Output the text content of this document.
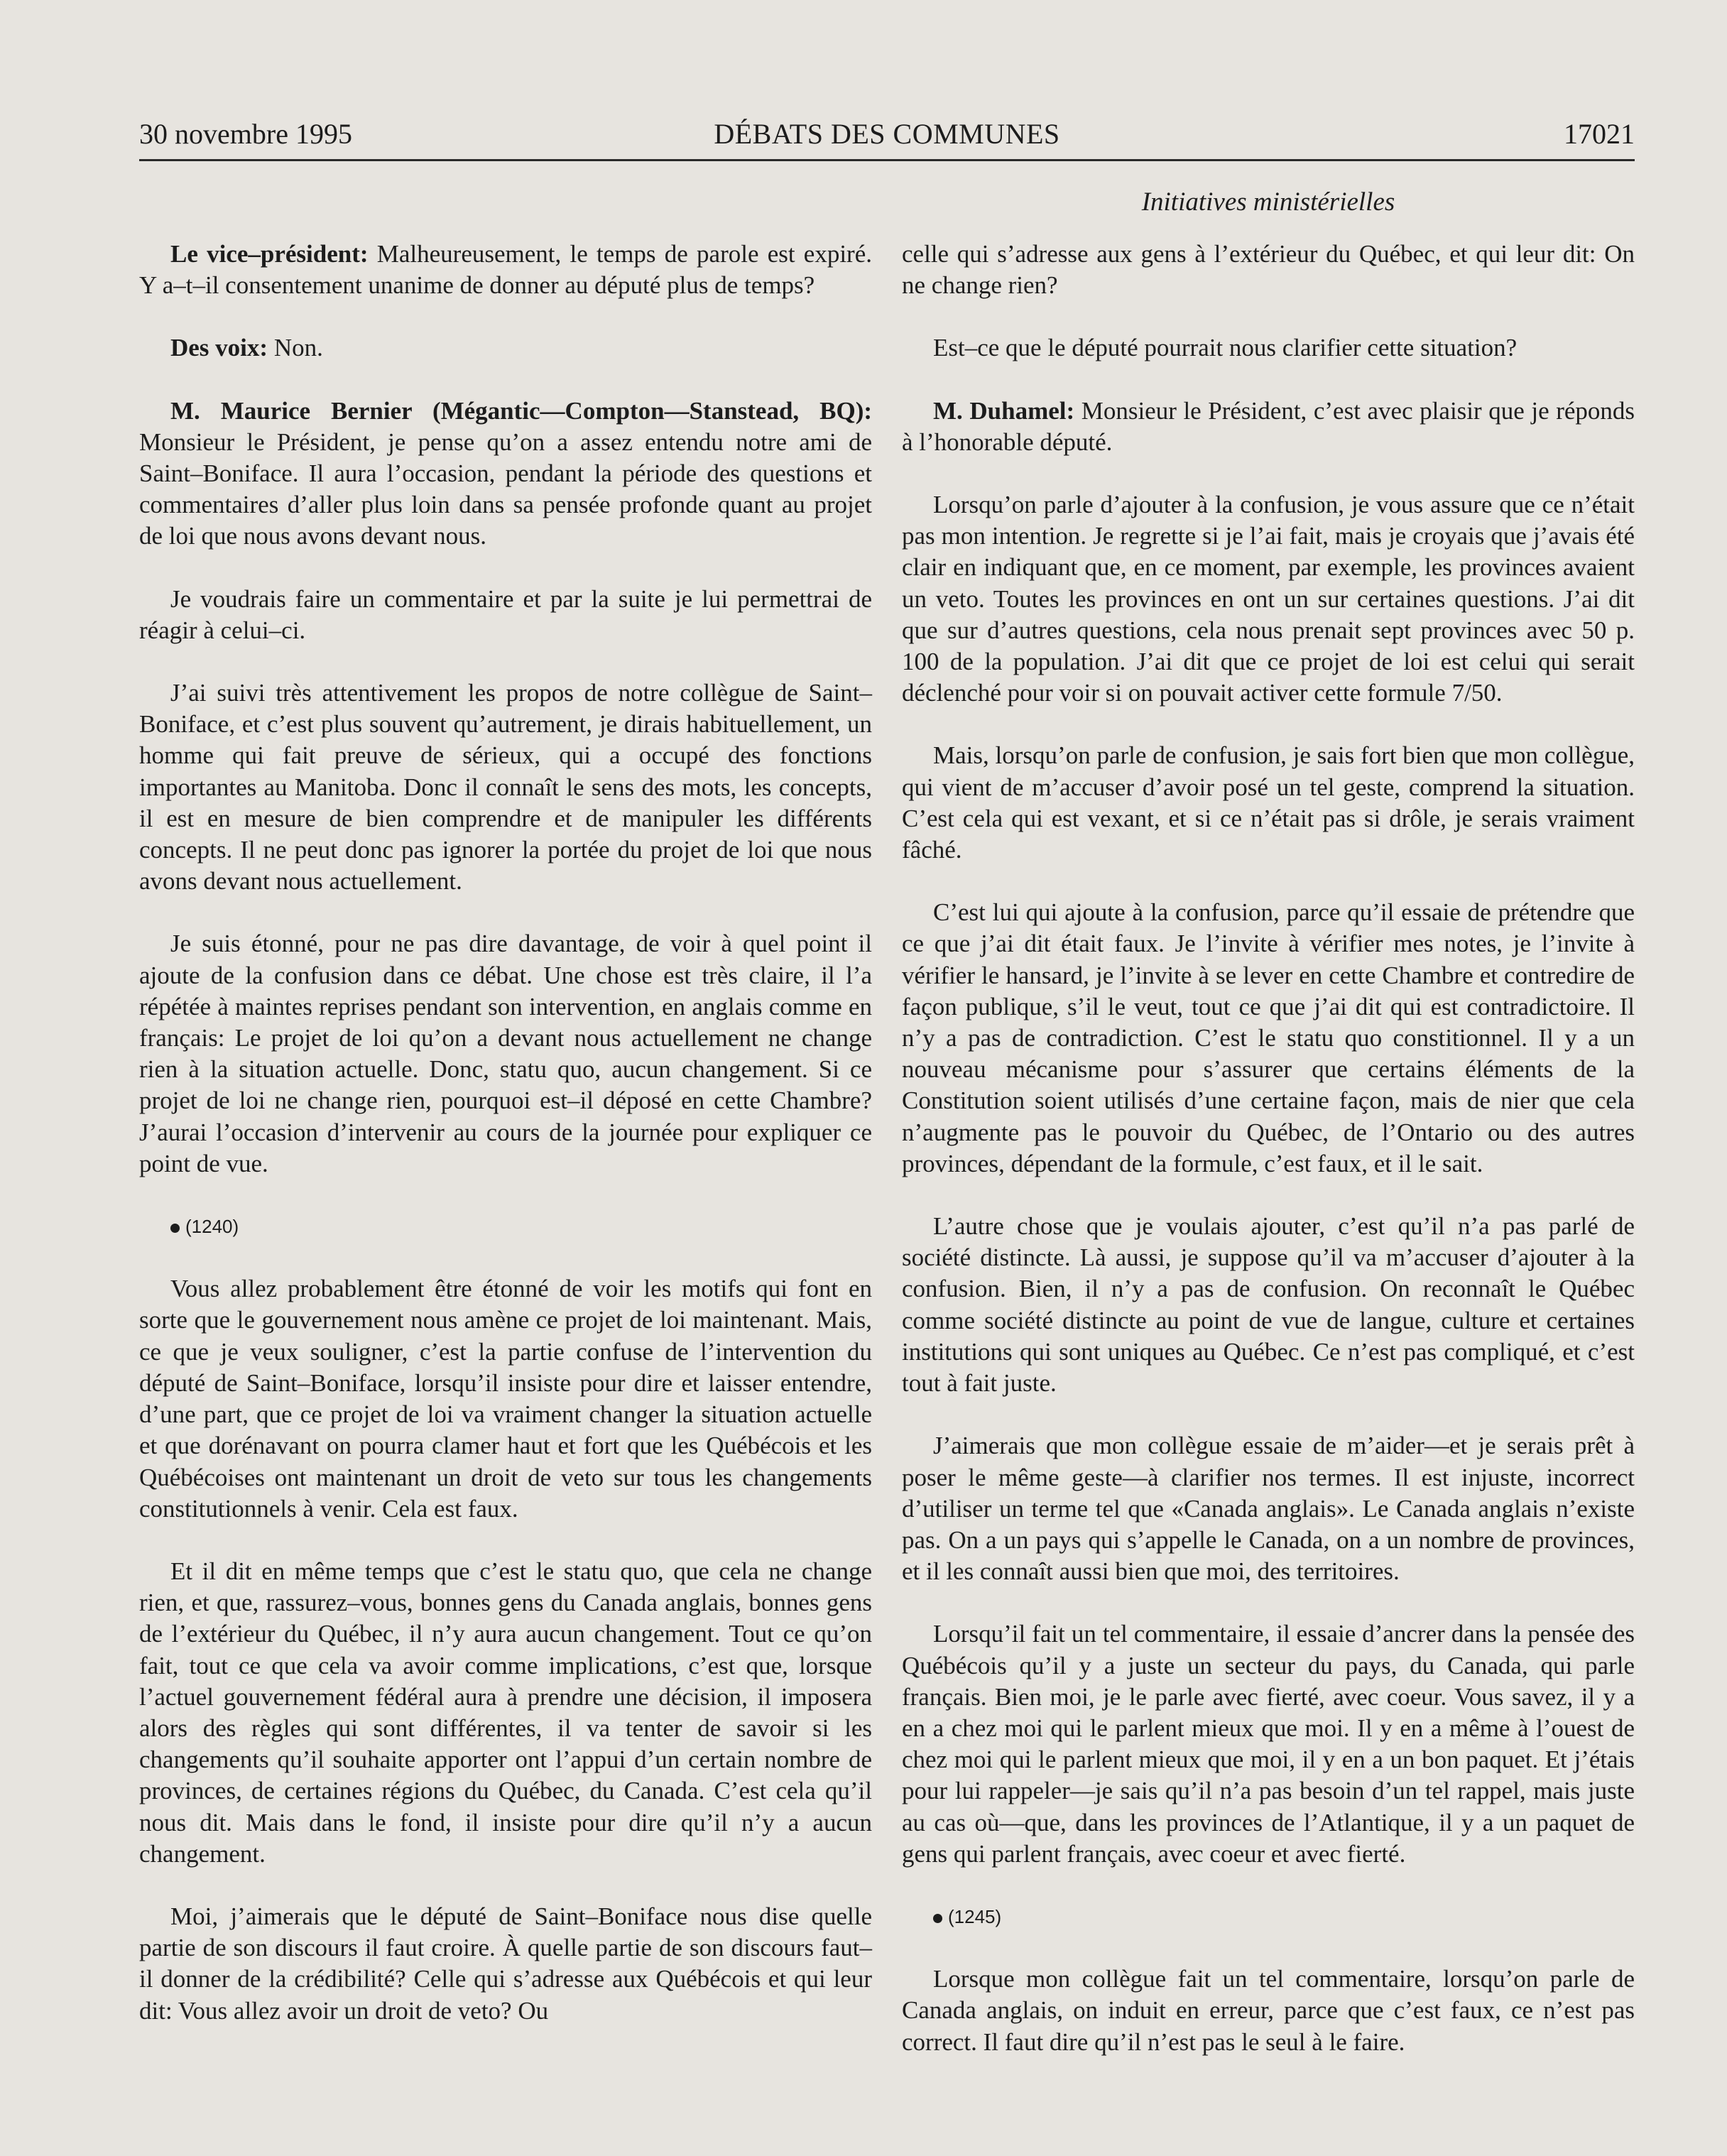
30 novembre 1995	DÉBATS DES COMMUNES	17021
Initiatives ministérielles

Le vice–président: Malheureusement, le temps de parole est expiré. Y a–t–il consentement unanime de donner au député plus de temps?

Des voix: Non.

M. Maurice Bernier (Mégantic—Compton—Stanstead, BQ): Monsieur le Président, je pense qu’on a assez entendu notre ami de Saint–Boniface. Il aura l’occasion, pendant la période des questions et commentaires d’aller plus loin dans sa pensée profonde quant au projet de loi que nous avons devant nous.

Je voudrais faire un commentaire et par la suite je lui permettrai de réagir à celui–ci.

J’ai suivi très attentivement les propos de notre collègue de Saint–Boniface, et c’est plus souvent qu’autrement, je dirais habituellement, un homme qui fait preuve de sérieux, qui a occupé des fonctions importantes au Manitoba. Donc il connaît le sens des mots, les concepts, il est en mesure de bien comprendre et de manipuler les différents concepts. Il ne peut donc pas ignorer la portée du projet de loi que nous avons devant nous actuellement.

Je suis étonné, pour ne pas dire davantage, de voir à quel point il ajoute de la confusion dans ce débat. Une chose est très claire, il l’a répétée à maintes reprises pendant son intervention, en anglais comme en français: Le projet de loi qu’on a devant nous actuellement ne change rien à la situation actuelle. Donc, statu quo, aucun changement. Si ce projet de loi ne change rien, pourquoi est–il déposé en cette Chambre? J’aurai l’occasion d’intervenir au cours de la journée pour expliquer ce point de vue.

(1240)

Vous allez probablement être étonné de voir les motifs qui font en sorte que le gouvernement nous amène ce projet de loi maintenant. Mais, ce que je veux souligner, c’est la partie confuse de l’intervention du député de Saint–Boniface, lorsqu’il insiste pour dire et laisser entendre, d’une part, que ce projet de loi va vraiment changer la situation actuelle et que dorénavant on pourra clamer haut et fort que les Québécois et les Québécoises ont maintenant un droit de veto sur tous les changements constitutionnels à venir. Cela est faux.

Et il dit en même temps que c’est le statu quo, que cela ne change rien, et que, rassurez–vous, bonnes gens du Canada anglais, bonnes gens de l’extérieur du Québec, il n’y aura aucun changement. Tout ce qu’on fait, tout ce que cela va avoir comme implications, c’est que, lorsque l’actuel gouvernement fédéral aura à prendre une décision, il imposera alors des règles qui sont différentes, il va tenter de savoir si les changements qu’il souhaite apporter ont l’appui d’un certain nombre de provinces, de certaines régions du Québec, du Canada. C’est cela qu’il nous dit. Mais dans le fond, il insiste pour dire qu’il n’y a aucun changement.

Moi, j’aimerais que le député de Saint–Boniface nous dise quelle partie de son discours il faut croire. À quelle partie de son discours faut–il donner de la crédibilité? Celle qui s’adresse aux Québécois et qui leur dit: Vous allez avoir un droit de veto? Ou

celle qui s’adresse aux gens à l’extérieur du Québec, et qui leur dit: On ne change rien?

Est–ce que le député pourrait nous clarifier cette situation?

M. Duhamel: Monsieur le Président, c’est avec plaisir que je réponds à l’honorable député.

Lorsqu’on parle d’ajouter à la confusion, je vous assure que ce n’était pas mon intention. Je regrette si je l’ai fait, mais je croyais que j’avais été clair en indiquant que, en ce moment, par exemple, les provinces avaient un veto. Toutes les provinces en ont un sur certaines questions. J’ai dit que sur d’autres questions, cela nous prenait sept provinces avec 50 p. 100 de la population. J’ai dit que ce projet de loi est celui qui serait déclenché pour voir si on pouvait activer cette formule 7/50.

Mais, lorsqu’on parle de confusion, je sais fort bien que mon collègue, qui vient de m’accuser d’avoir posé un tel geste, comprend la situation. C’est cela qui est vexant, et si ce n’était pas si drôle, je serais vraiment fâché.

C’est lui qui ajoute à la confusion, parce qu’il essaie de prétendre que ce que j’ai dit était faux. Je l’invite à vérifier mes notes, je l’invite à vérifier le hansard, je l’invite à se lever en cette Chambre et contredire de façon publique, s’il le veut, tout ce que j’ai dit qui est contradictoire. Il n’y a pas de contradiction. C’est le statu quo constitionnel. Il y a un nouveau mécanisme pour s’assurer que certains éléments de la Constitution soient utilisés d’une certaine façon, mais de nier que cela n’augmente pas le pouvoir du Québec, de l’Ontario ou des autres provinces, dépendant de la formule, c’est faux, et il le sait.

L’autre chose que je voulais ajouter, c’est qu’il n’a pas parlé de société distincte. Là aussi, je suppose qu’il va m’accuser d’ajouter à la confusion. Bien, il n’y a pas de confusion. On reconnaît le Québec comme société distincte au point de vue de langue, culture et certaines institutions qui sont uniques au Québec. Ce n’est pas compliqué, et c’est tout à fait juste.

J’aimerais que mon collègue essaie de m’aider—et je serais prêt à poser le même geste—à clarifier nos termes. Il est injuste, incorrect d’utiliser un terme tel que «Canada anglais». Le Canada anglais n’existe pas. On a un pays qui s’appelle le Canada, on a un nombre de provinces, et il les connaît aussi bien que moi, des territoires.

Lorsqu’il fait un tel commentaire, il essaie d’ancrer dans la pensée des Québécois qu’il y a juste un secteur du pays, du Canada, qui parle français. Bien moi, je le parle avec fierté, avec coeur. Vous savez, il y a en a chez moi qui le parlent mieux que moi. Il y en a même à l’ouest de chez moi qui le parlent mieux que moi, il y en a un bon paquet. Et j’étais pour lui rappeler—je sais qu’il n’a pas besoin d’un tel rappel, mais juste au cas où—que, dans les provinces de l’Atlantique, il y a un paquet de gens qui parlent français, avec coeur et avec fierté.

(1245)

Lorsque mon collègue fait un tel commentaire, lorsqu’on parle de Canada anglais, on induit en erreur, parce que c’est faux, ce n’est pas correct. Il faut dire qu’il n’est pas le seul à le faire.
